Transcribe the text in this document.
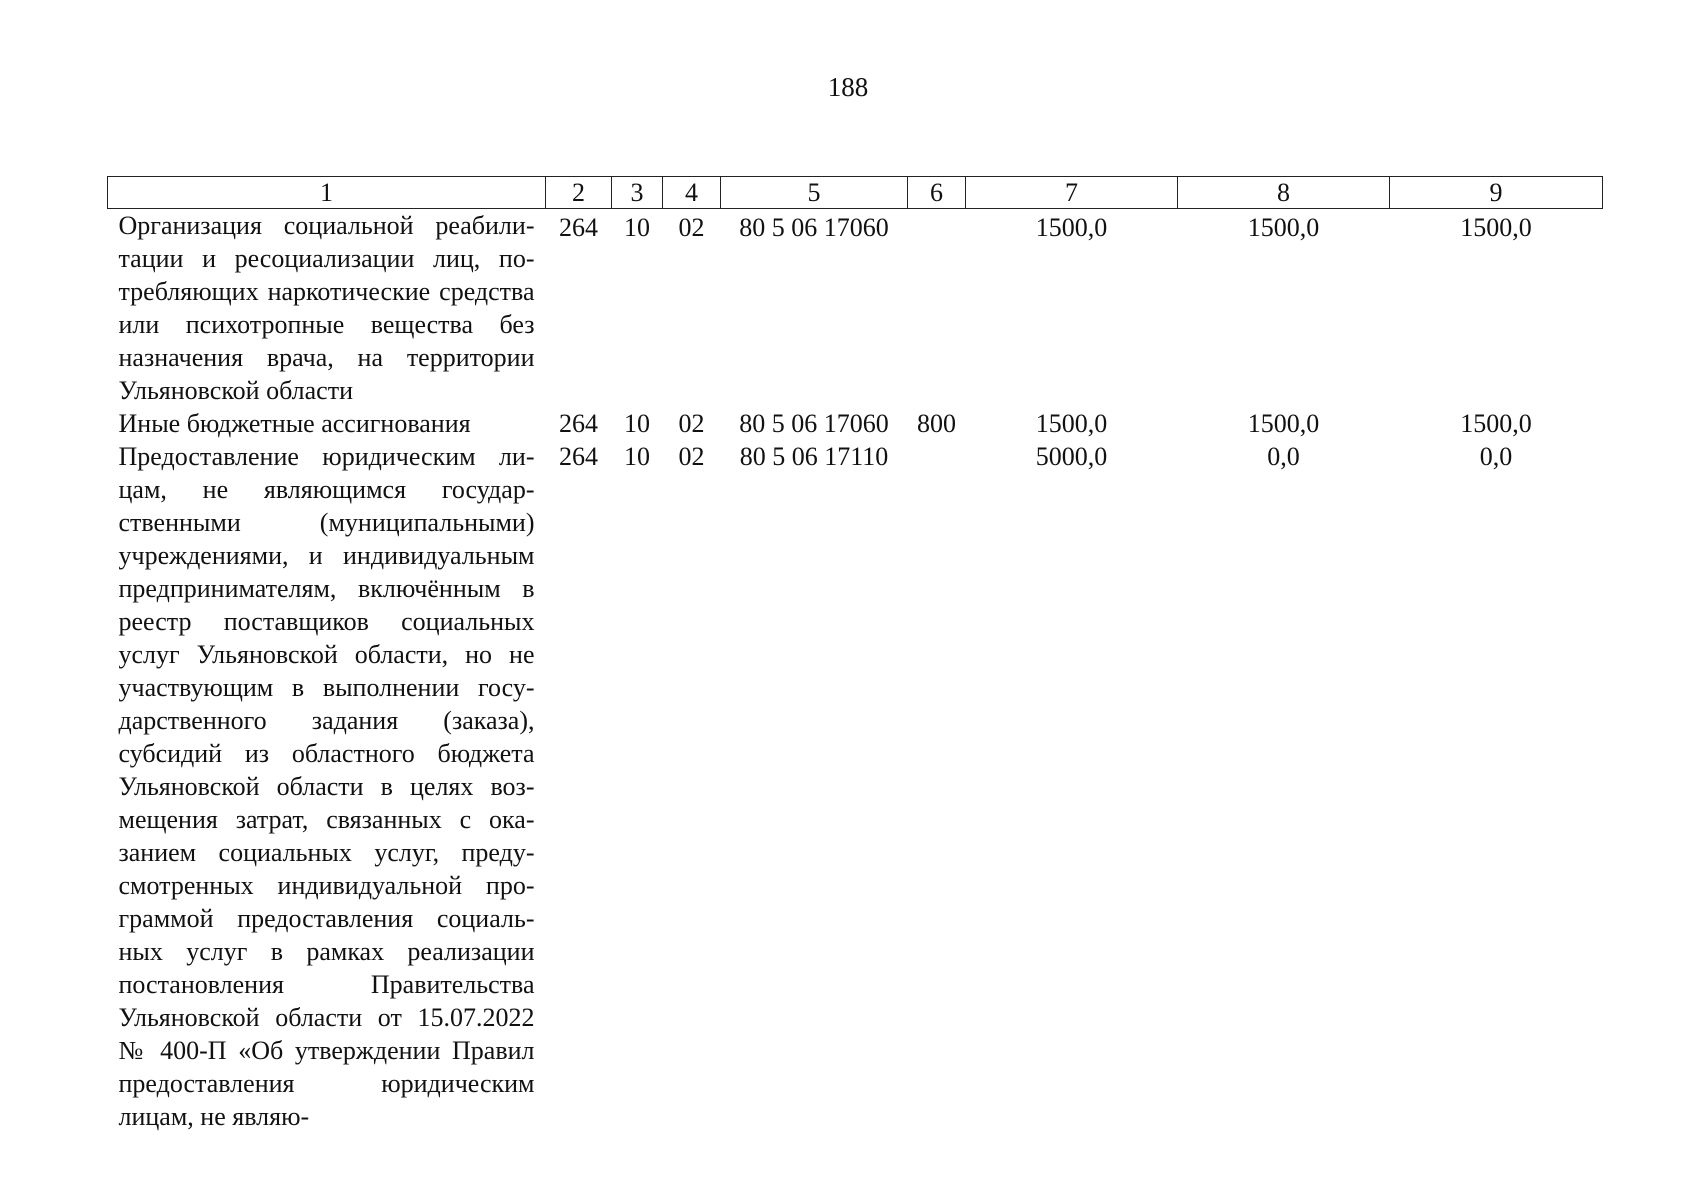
188
1	2	3	4	5	6	7	8	9
Организация социальной реабилитации и ресоциализации лиц, потребляющих наркотические средства или психотропные вещества без назначения врача, на территории Ульяновской области	264	10	02	80 5 06 17060		1500,0	1500,0	1500,0
Иные бюджетные ассигнования	264	10	02	80 5 06 17060	800	1500,0	1500,0	1500,0
Предоставление юридическим лицам, не являющимся государственными (муниципальными) учреждениями, и индивидуальным предпринимателям, включённым в реестр поставщиков социальных услуг Ульяновской области, но не участвующим в выполнении государственного задания (заказа), субсидий из областного бюджета Ульяновской области в целях возмещения затрат, связанных с оказанием социальных услуг, предусмотренных индивидуальной программой предоставления социальных услуг в рамках реализации постановления Правительства Ульяновской области от 15.07.2022 № 400-П «Об утверждении Правил предоставления юридическим лицам, не являю-	264	10	02	80 5 06 17110		5000,0	0,0	0,0
